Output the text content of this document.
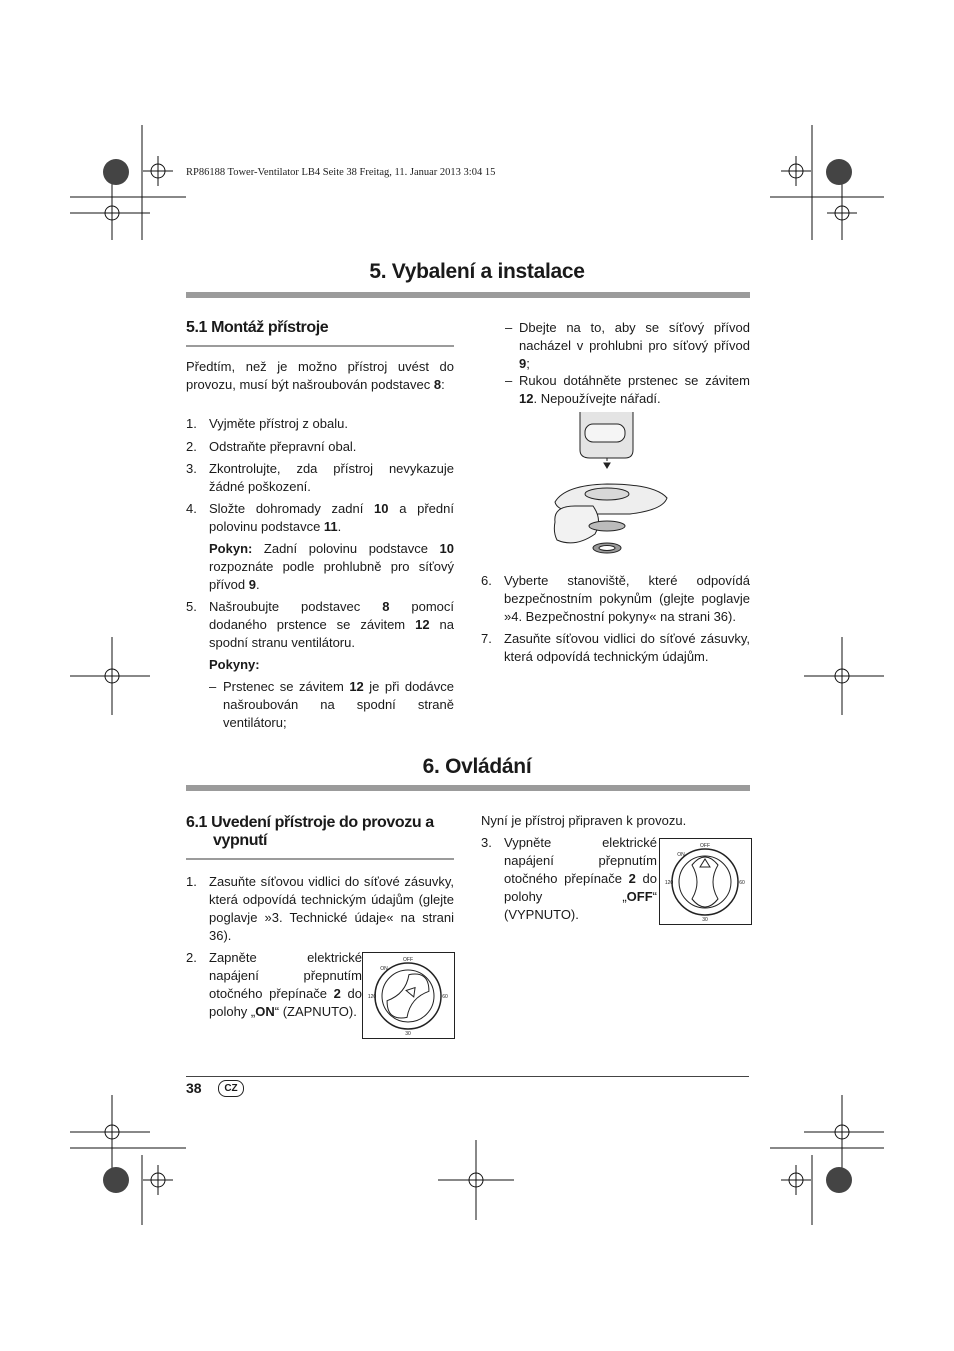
RP86188 Tower-Ventilator LB4 Seite 38 Freitag, 11. Januar 2013 3:04 15
5. Vybalení a instalace
5.1 Montáž přístroje
Předtím, než je možno přístroj uvést do provozu, musí být našroubován podstavec 8:
1. Vyjměte přístroj z obalu.
2. Odstraňte přepravní obal.
3. Zkontrolujte, zda přístroj nevykazuje žádné poškození.
4. Složte dohromady zadní 10 a přední polovinu podstavce 11.
Pokyn: Zadní polovinu podstavce 10 rozpoznáte podle prohlubně pro síťový přívod 9.
5. Našroubujte podstavec 8 pomocí dodaného prstence se závitem 12 na spodní stranu ventilátoru.
Pokyny:
– Prstenec se závitem 12 je při dodávce našroubován na spodní straně ventilátoru;
– Dbejte na to, aby se síťový přívod nacházel v prohlubni pro síťový přívod 9;
– Rukou dotáhněte prstenec se závitem 12. Nepoužívejte nářadí.
6. Vyberte stanoviště, které odpovídá bezpečnostním pokynům (glejte poglavje »4. Bezpečnostní pokyny« na strani 36).
7. Zasuňte síťovou vidlici do síťové zásuvky, která odpovídá technickým údajům.
6. Ovládání
6.1 Uvedení přístroje do provozu a
vypnutí
1. Zasuňte síťovou vidlici do síťové zásuvky, která odpovídá technickým údajům (glejte poglavje »3. Technické údaje« na strani 36).
2. Zapněte elektrické napájení přepnutím otočného přepínače 2 do polohy „ON“ (ZAPNUTO).
Nyní je přístroj připraven k provozu.
3. Vypněte elektrické napájení přepnutím otočného přepínače 2 do polohy „OFF“ (VYPNUTO).
OFF
ON
120	60
30
OFF
ON
120	60
30
38	CZ
